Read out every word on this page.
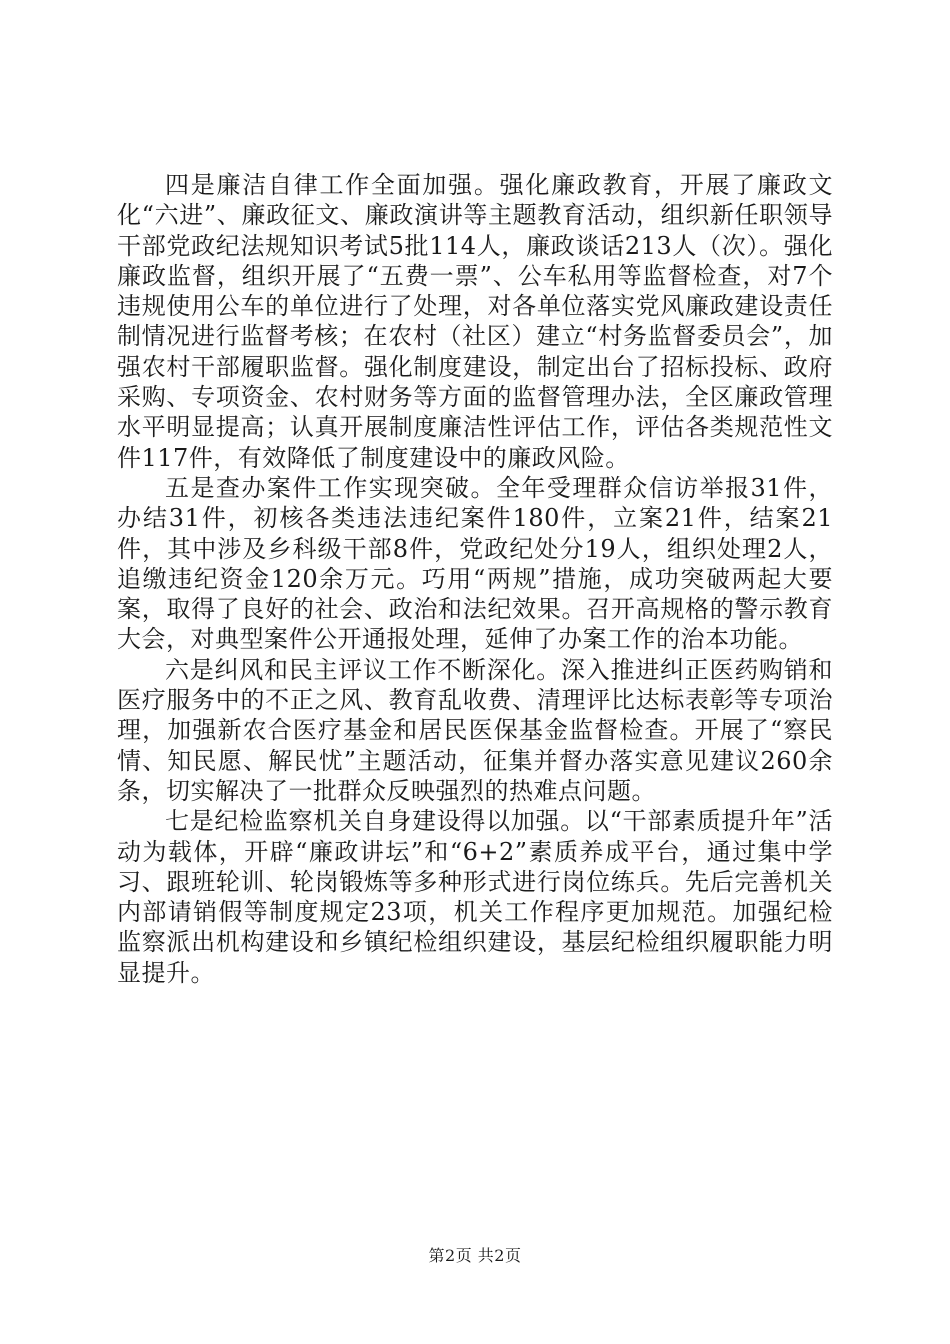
四是廉洁自律工作全面加强。强化廉政教育，开展了廉政文化“六进”、廉政征文、廉政演讲等主题教育活动，组织新任职领导干部党政纪法规知识考试5批114人，廉政谈话213人（次）。强化廉政监督，组织开展了“五费一票”、公车私用等监督检查，对7个违规使用公车的单位进行了处理，对各单位落实党风廉政建设责任制情况进行监督考核；在农村（社区）建立“村务监督委员会”，加强农村干部履职监督。强化制度建设，制定出台了招标投标、政府采购、专项资金、农村财务等方面的监督管理办法，全区廉政管理水平明显提高；认真开展制度廉洁性评估工作，评估各类规范性文件117件，有效降低了制度建设中的廉政风险。

五是查办案件工作实现突破。全年受理群众信访举报31件，办结31件，初核各类违法违纪案件180件，立案21件，结案21件，其中涉及乡科级干部8件，党政纪处分19人，组织处理2人，追缴违纪资金120余万元。巧用“两规”措施，成功突破两起大要案，取得了良好的社会、政治和法纪效果。召开高规格的警示教育大会，对典型案件公开通报处理，延伸了办案工作的治本功能。

六是纠风和民主评议工作不断深化。深入推进纠正医药购销和医疗服务中的不正之风、教育乱收费、清理评比达标表彰等专项治理，加强新农合医疗基金和居民医保基金监督检查。开展了“察民情、知民愿、解民忧”主题活动，征集并督办落实意见建议260余条，切实解决了一批群众反映强烈的热难点问题。

七是纪检监察机关自身建设得以加强。以“干部素质提升年”活动为载体，开辟“廉政讲坛”和“6+2”素质养成平台，通过集中学习、跟班轮训、轮岗锻炼等多种形式进行岗位练兵。先后完善机关内部请销假等制度规定23项，机关工作程序更加规范。加强纪检监察派出机构建设和乡镇纪检组织建设，基层纪检组织履职能力明显提升。

第2页 共2页
